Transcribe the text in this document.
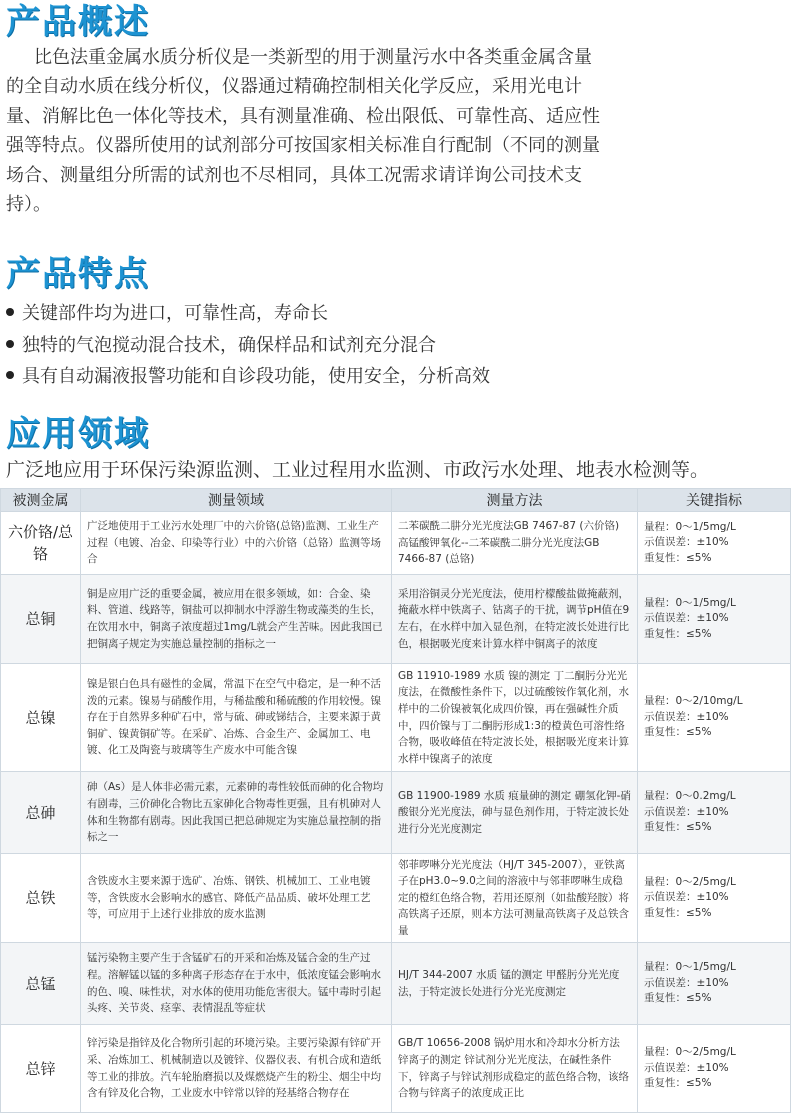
产品概述

比色法重金属水质分析仪是一类新型的用于测量污水中各类重金属含量的全自动水质在线分析仪，仪器通过精确控制相关化学反应，采用光电计量、消解比色一体化等技术，具有测量准确、检出限低、可靠性高、适应性强等特点。仪器所使用的试剂部分可按国家相关标准自行配制（不同的测量场合、测量组分所需的试剂也不尽相同，具体工况需求请详询公司技术支持）。

产品特点
关键部件均为进口，可靠性高，寿命长
独特的气泡搅动混合技术，确保样品和试剂充分混合
具有自动漏液报警功能和自诊段功能，使用安全，分析高效
应用领域

广泛地应用于环保污染源监测、工业过程用水监测、市政污水处理、地表水检测等。

被测金属	测量领域	测量方法	关键指标
六价铬/总铬	广泛地使用于工业污水处理厂中的六价铬(总铬)监测、工业生产过程（电镀、冶金、印染等行业）中的六价铬（总铬）监测等场合	二苯碳酰二肼分光光度法GB 7467-87 (六价铬) 高锰酸钾氧化--二苯碳酰二肼分光光度法GB 7466-87 (总铬)	量程：0～1/5mg/L
示值误差：±10%
重复性：≤5%

总铜	铜是应用广泛的重要金属，被应用在很多领域，如：合金、染料、管道、线路等，铜盐可以抑制水中浮游生物或藻类的生长，在饮用水中，铜离子浓度超过1mg/L就会产生苦味。因此我国已把铜离子规定为实施总量控制的指标之一	采用浴铜灵分光光度法，使用柠檬酸盐做掩蔽剂，掩蔽水样中铁离子、钴离子的干扰，调节pH值在9左右，在水样中加入显色剂，在特定波长处进行比色，根据吸光度来计算水样中铜离子的浓度	量程：0～1/5mg/L
示值误差：±10%
重复性：≤5%

总镍	镍是银白色具有磁性的金属，常温下在空气中稳定，是一种不活泼的元素。镍易与硝酸作用，与稀盐酸和稀硫酸的作用较慢。镍存在于自然界多种矿石中，常与硫、砷或锑结合，主要来源于黄铜矿、镍黄铜矿等。在采矿、冶炼、合金生产、金属加工、电镀、化工及陶瓷与玻璃等生产废水中可能含镍	GB 11910-1989 水质 镍的测定 丁二酮肟分光光度法，在微酸性条件下，以过硫酸铵作氧化剂，水样中的二价镍被氧化成四价镍，再在强碱性介质中，四价镍与丁二酮肟形成1:3的橙黄色可溶性络合物，吸收峰值在特定波长处，根据吸光度来计算水样中镍离子的浓度	量程：0～2/10mg/L
示值误差：±10%
重复性：≤5%

总砷	砷（As）是人体非必需元素，元素砷的毒性较低而砷的化合物均有剧毒，三价砷化合物比五家砷化合物毒性更强，且有机砷对人体和生物都有剧毒。因此我国已把总砷规定为实施总量控制的指标之一	GB 11900-1989 水质 痕量砷的测定 硼氢化钾-硝酸银分光光度法，砷与显色剂作用，于特定波长处进行分光光度测定	量程：0～0.2mg/L
示值误差：±10%
重复性：≤5%

总铁	含铁废水主要来源于选矿、冶炼、钢铁、机械加工、工业电镀等，含铁废水会影响水的感官、降低产品品质、破坏处理工艺等，可应用于上述行业排放的废水监测	邻菲啰啉分光光度法（HJ/T 345-2007），亚铁离子在pH3.0~9.0之间的溶液中与邻菲啰啉生成稳定的橙红色络合物，若用还原剂（如盐酸羟胺）将高铁离子还原，则本方法可测量高铁离子及总铁含量	量程：0～2/5mg/L
示值误差：±10%
重复性：≤5%

总锰	锰污染物主要产生于含锰矿石的开采和冶炼及锰合金的生产过程。溶解锰以锰的多种离子形态存在于水中，低浓度锰会影响水的色、嗅、味性状，对水体的使用功能危害很大。锰中毒时引起头疼、关节炎、痉挛、表情混乱等症状	HJ/T 344-2007 水质 锰的测定 甲醛肟分光光度法，于特定波长处进行分光光度测定	量程：0～1/5mg/L
示值误差：±10%
重复性：≤5%

总锌	锌污染是指锌及化合物所引起的环境污染。主要污染源有锌矿开采、冶炼加工、机械制造以及镀锌、仪器仪表、有机合成和造纸等工业的排放。汽车轮胎磨损以及煤燃烧产生的粉尘、烟尘中均含有锌及化合物，工业废水中锌常以锌的羟基络合物存在	GB/T 10656-2008 锅炉用水和冷却水分析方法 锌离子的测定 锌试剂分光光度法，在碱性条件下，锌离子与锌试剂形成稳定的蓝色络合物，该络合物与锌离子的浓度成正比	量程：0～2/5mg/L
示值误差：±10%
重复性：≤5%
